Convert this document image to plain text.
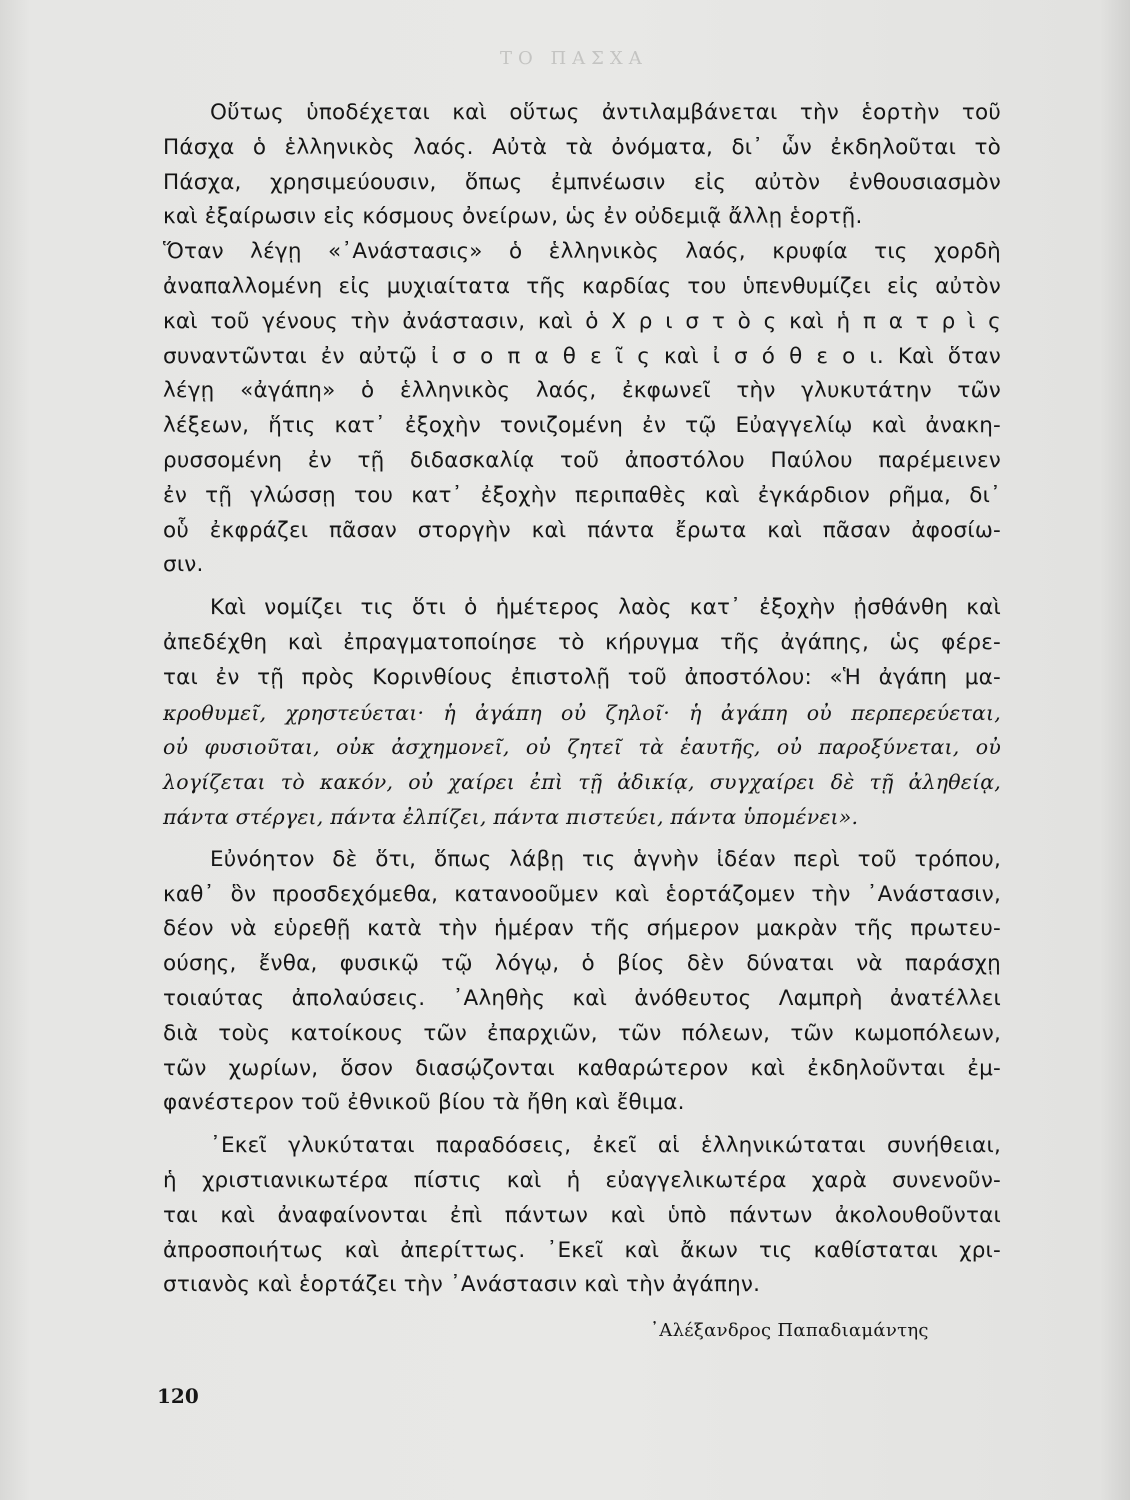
ΤΟ ΠΑΣΧΑ
Οὕτως ὑποδέχεται καὶ οὕτως ἀντιλαμβάνεται τὴν ἑορτὴν τοῦ
Πάσχα ὁ ἑλληνικὸς λαός. Αὐτὰ τὰ ὀνόματα, δι᾽ ὧν ἐκδηλοῦται τὸ
Πάσχα, χρησιμεύουσιν, ὅπως ἐμπνέωσιν εἰς αὐτὸν ἐνθουσιασμὸν
καὶ ἐξαίρωσιν εἰς κόσμους ὀνείρων, ὡς ἐν οὐδεμιᾷ ἄλλῃ ἑορτῇ.
Ὅταν λέγῃ «᾽Ανάστασις» ὁ ἑλληνικὸς λαός, κρυφία τις χορδὴ
ἀναπαλλομένη εἰς μυχιαίτατα τῆς καρδίας του ὑπενθυμίζει εἰς αὐτὸν
καὶ τοῦ γένους τὴν ἀνάστασιν, καὶ ὁ Χ ρ ι σ τ ὸ ς καὶ ἡ π α τ ρ ὶ ς
συναντῶνται ἐν αὐτῷ ἰ σ ο π α θ ε ῖ ς καὶ ἰ σ ό θ ε ο ι. Καὶ ὅταν
λέγῃ «ἀγάπη» ὁ ἑλληνικὸς λαός, ἐκφωνεῖ τὴν γλυκυτάτην τῶν
λέξεων, ἥτις κατ᾽ ἐξοχὴν τονιζομένη ἐν τῷ Εὐαγγελίῳ καὶ ἀνακη-
ρυσσομένη ἐν τῇ διδασκαλίᾳ τοῦ ἀποστόλου Παύλου παρέμεινεν
ἐν τῇ γλώσσῃ του κατ᾽ ἐξοχὴν περιπαθὲς καὶ ἐγκάρδιον ρῆμα, δι᾽
οὗ ἐκφράζει πᾶσαν στοργὴν καὶ πάντα ἔρωτα καὶ πᾶσαν ἀφοσίω-
σιν.
Καὶ νομίζει τις ὅτι ὁ ἡμέτερος λαὸς κατ᾽ ἐξοχὴν ᾐσθάνθη καὶ
ἀπεδέχθη καὶ ἐπραγματοποίησε τὸ κήρυγμα τῆς ἀγάπης, ὡς φέρε-
ται ἐν τῇ πρὸς Κορινθίους ἐπιστολῇ τοῦ ἀποστόλου: «Ἡ ἀγάπη μα-
κροθυμεῖ, χρηστεύεται· ἡ ἀγάπη οὐ ζηλοῖ· ἡ ἀγάπη οὐ περπερεύεται,
οὐ φυσιοῦται, οὐκ ἀσχημονεῖ, οὐ ζητεῖ τὰ ἑαυτῆς, οὐ παροξύνεται, οὐ
λογίζεται τὸ κακόν, οὐ χαίρει ἐπὶ τῇ ἀδικίᾳ, συγχαίρει δὲ τῇ ἀληθείᾳ,
πάντα στέργει, πάντα ἐλπίζει, πάντα πιστεύει, πάντα ὑπομένει».
Εὐνόητον δὲ ὅτι, ὅπως λάβῃ τις ἁγνὴν ἰδέαν περὶ τοῦ τρόπου,
καθ᾽ ὃν προσδεχόμεθα, κατανοοῦμεν καὶ ἑορτάζομεν τὴν ᾽Ανάστασιν,
δέον νὰ εὑρεθῇ κατὰ τὴν ἡμέραν τῆς σήμερον μακρὰν τῆς πρωτευ-
ούσης, ἔνθα, φυσικῷ τῷ λόγῳ, ὁ βίος δὲν δύναται νὰ παράσχῃ
τοιαύτας ἀπολαύσεις. ᾽Αληθὴς καὶ ἀνόθευτος Λαμπρὴ ἀνατέλλει
διὰ τοὺς κατοίκους τῶν ἐπαρχιῶν, τῶν πόλεων, τῶν κωμοπόλεων,
τῶν χωρίων, ὅσον διασῴζονται καθαρώτερον καὶ ἐκδηλοῦνται ἐμ-
φανέστερον τοῦ ἐθνικοῦ βίου τὰ ἤθη καὶ ἔθιμα.
᾽Εκεῖ γλυκύταται παραδόσεις, ἐκεῖ αἱ ἑλληνικώταται συνήθειαι,
ἡ χριστιανικωτέρα πίστις καὶ ἡ εὐαγγελικωτέρα χαρὰ συνενοῦν-
ται καὶ ἀναφαίνονται ἐπὶ πάντων καὶ ὑπὸ πάντων ἀκολουθοῦνται
ἀπροσποιήτως καὶ ἀπερίττως. ᾽Εκεῖ καὶ ἄκων τις καθίσταται χρι-
στιανὸς καὶ ἑορτάζει τὴν ᾽Ανάστασιν καὶ τὴν ἀγάπην.
᾽Αλέξανδρος Παπαδιαμάντης
120
